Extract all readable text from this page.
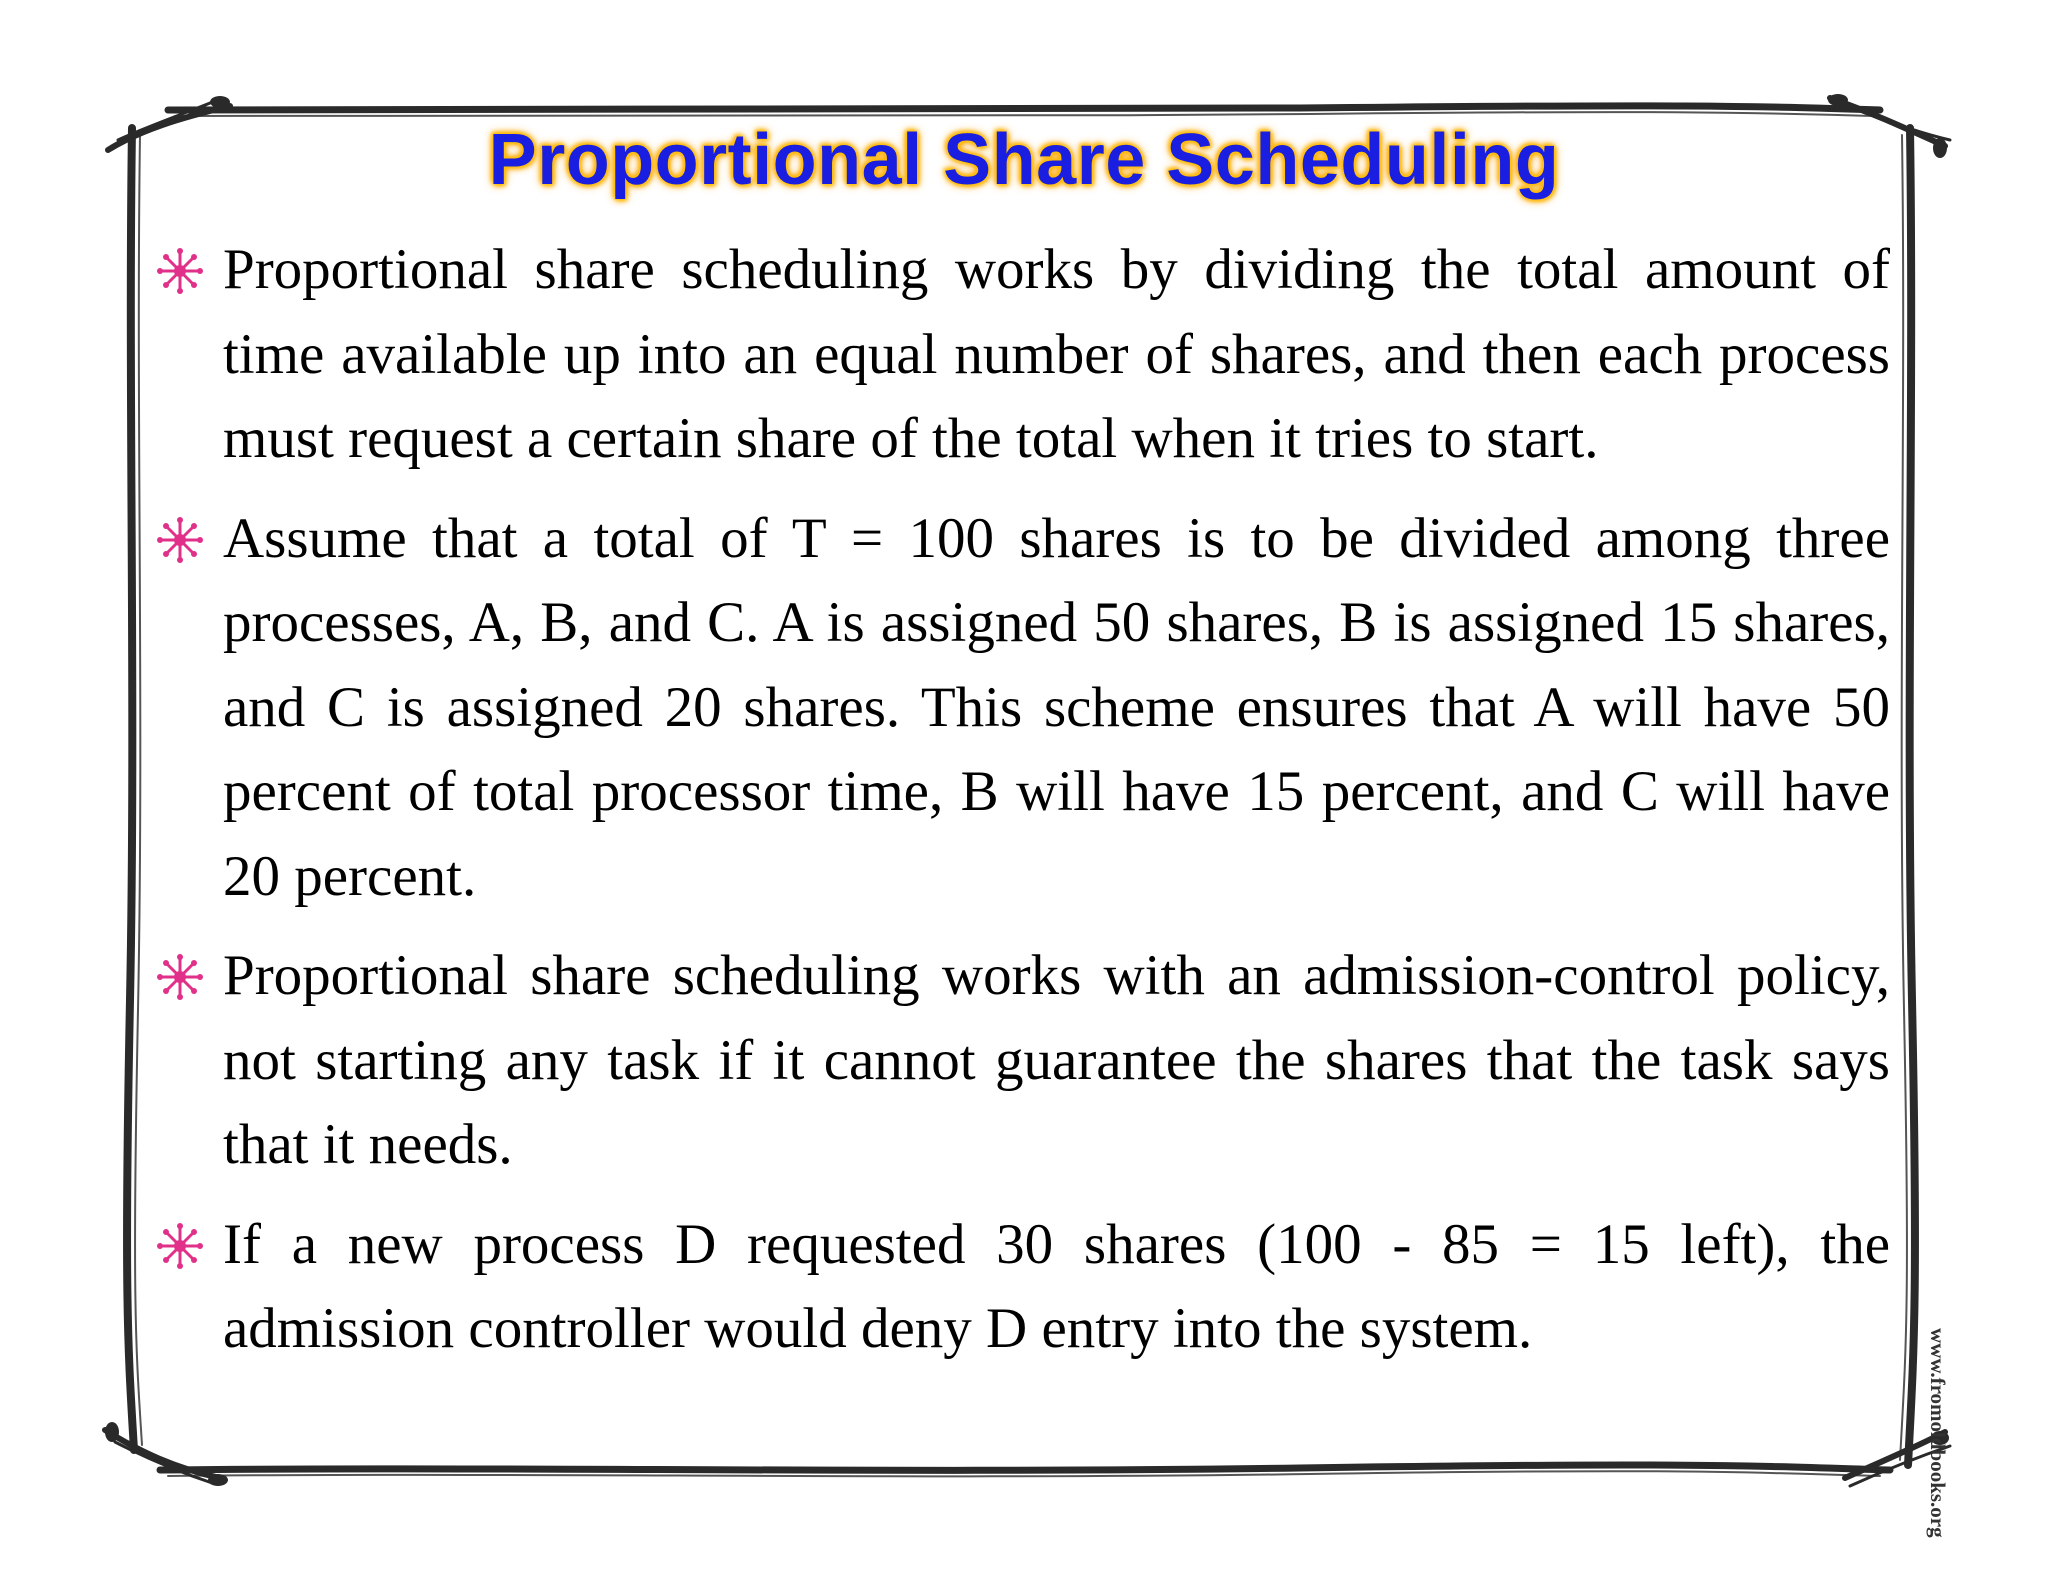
Proportional Share Scheduling
Proportional share scheduling works by dividing the total amount of time available up into an equal number of shares, and then each process must request a certain share of the total when it tries to start.
Assume that a total of T = 100 shares is to be divided among three processes, A, B, and C. A is assigned 50 shares, B is assigned 15 shares, and C is assigned 20 shares. This scheme ensures that A will have 50 percent of total processor time, B will have 15 percent, and C will have 20 percent.
Proportional share scheduling works with an admission-control policy, not starting any task if it cannot guarantee the shares that the task says that it needs.
If a new process D requested 30 shares (100 - 85 = 15 left), the admission controller would deny D entry into the system.	www.fromoldbooks.org
